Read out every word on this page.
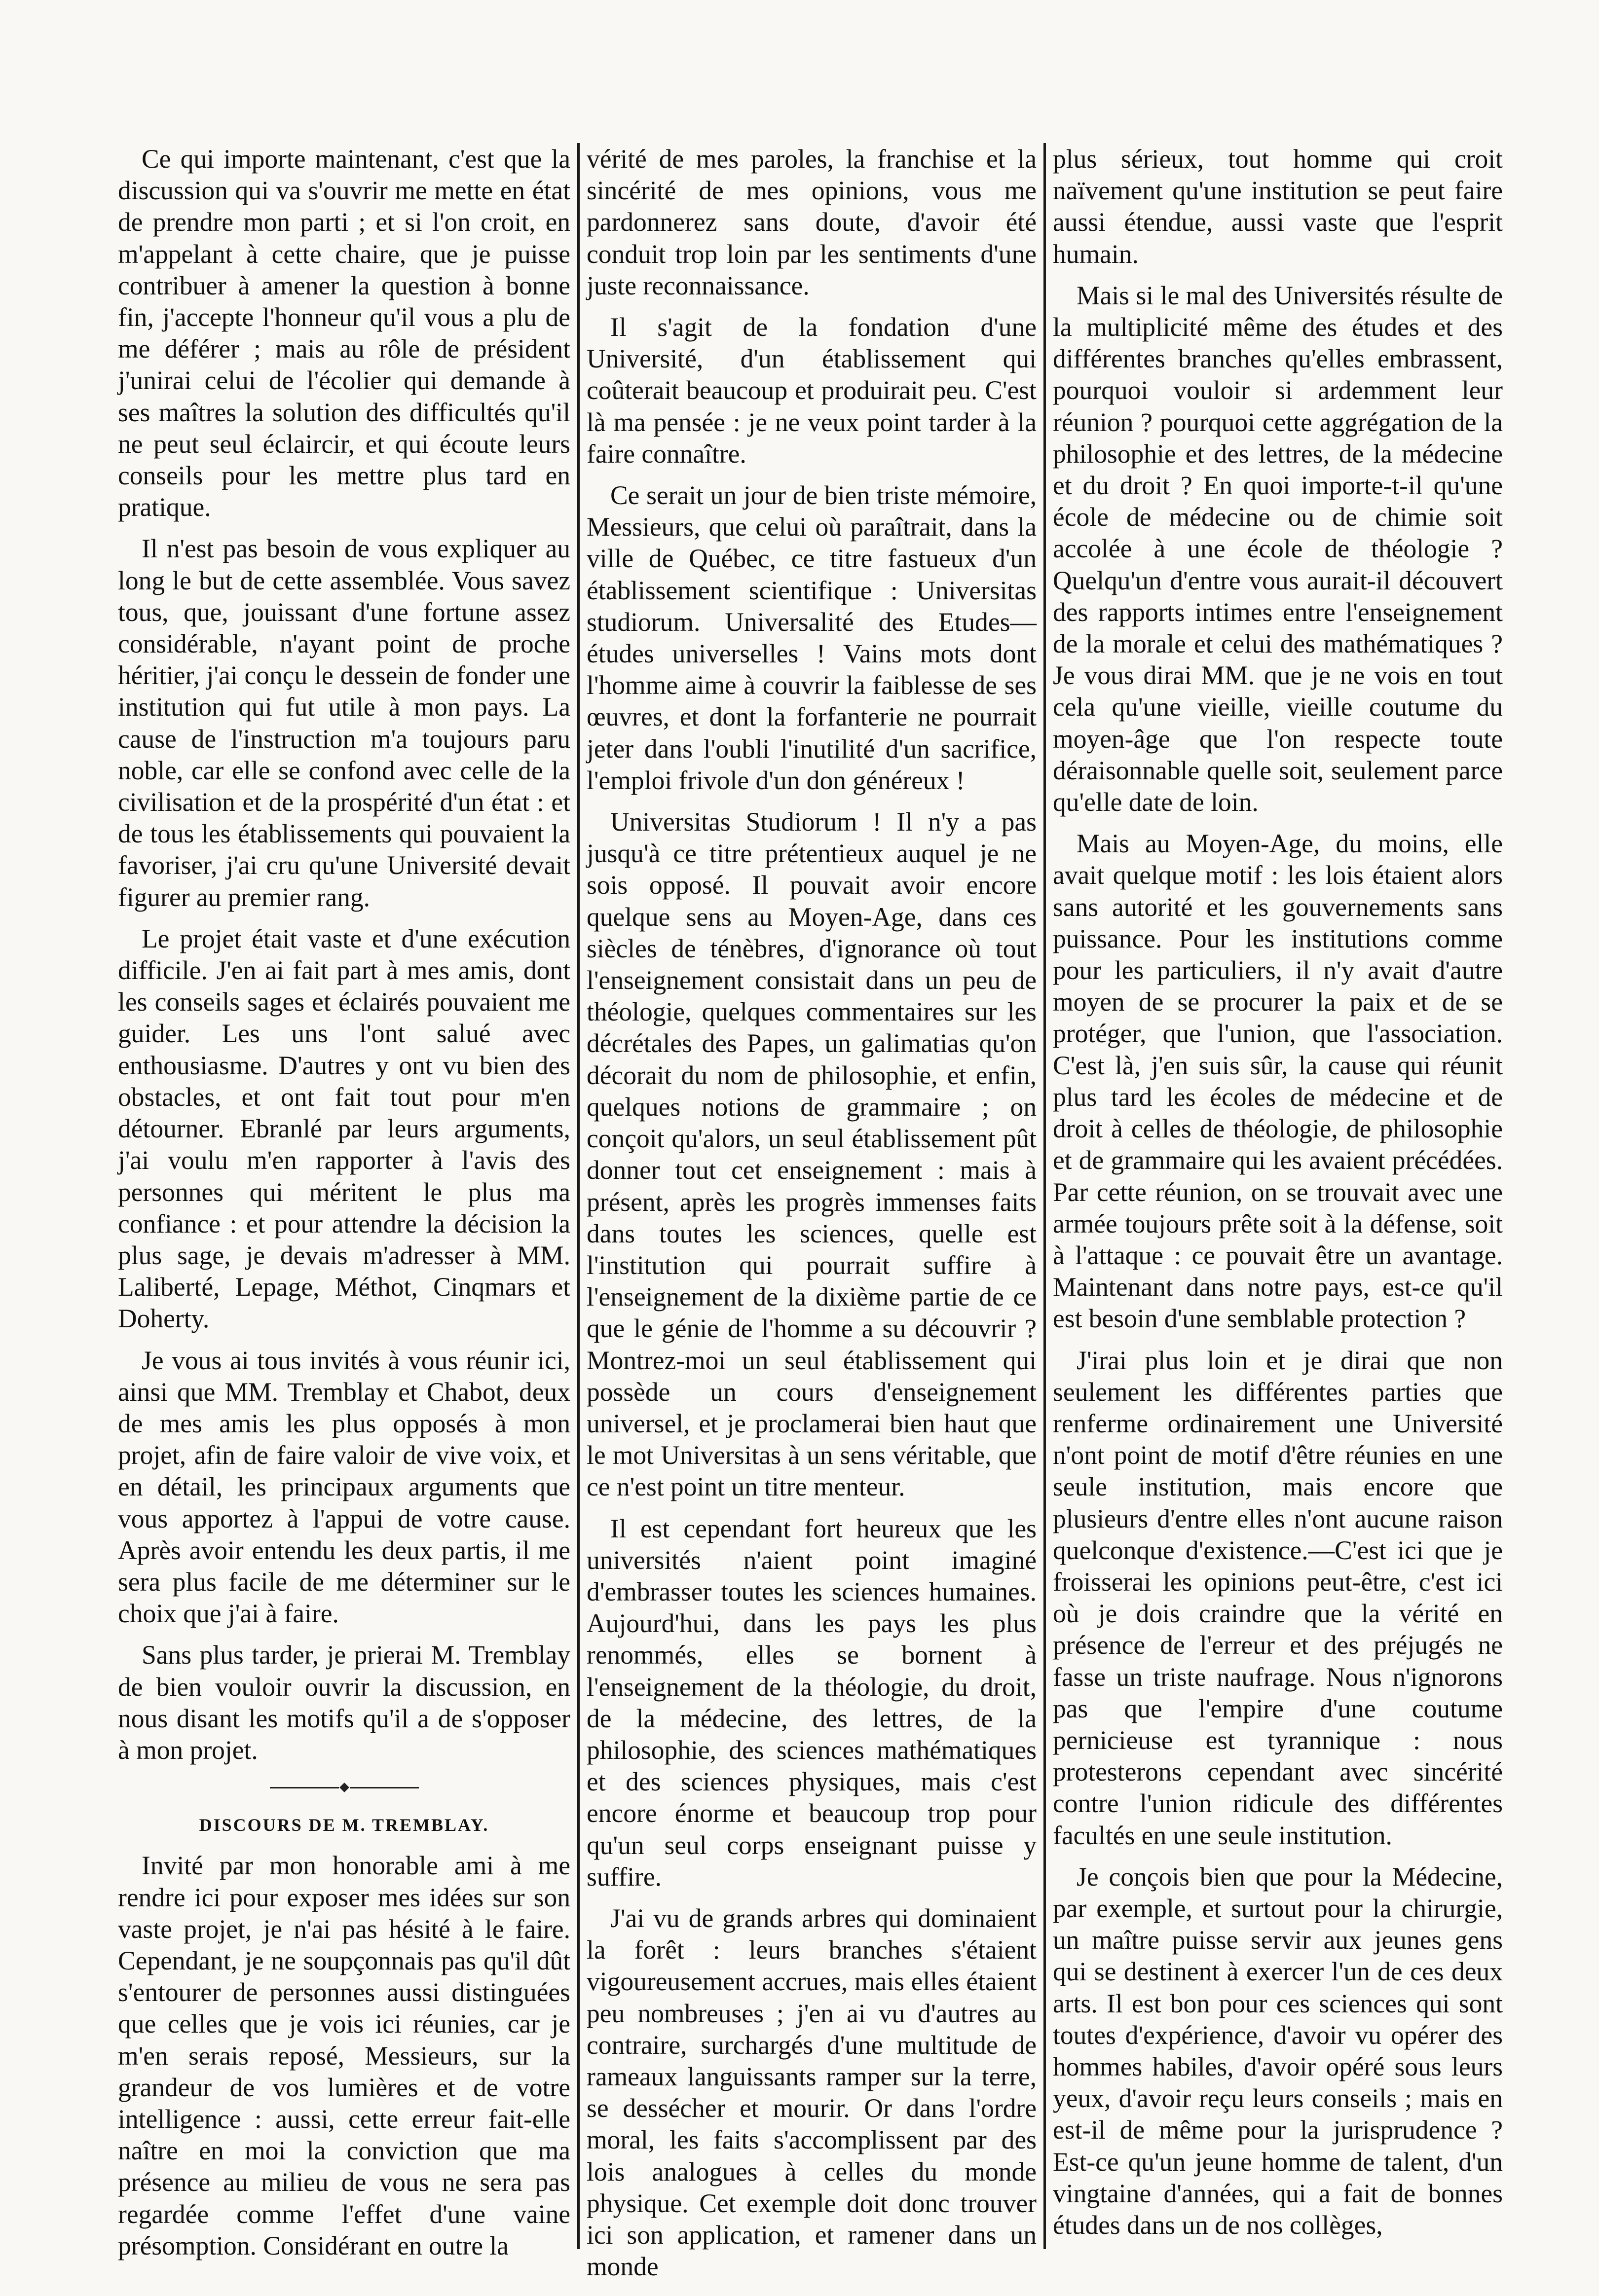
Ce qui importe maintenant, c'est que la discussion qui va s'ouvrir me mette en état de prendre mon parti ; et si l'on croit, en m'appelant à cette chaire, que je puisse contribuer à amener la question à bonne fin, j'accepte l'honneur qu'il vous a plu de me déférer ; mais au rôle de président j'unirai celui de l'écolier qui demande à ses maîtres la solution des difficultés qu'il ne peut seul éclaircir, et qui écoute leurs conseils pour les mettre plus tard en pratique.

Il n'est pas besoin de vous expliquer au long le but de cette assemblée. Vous savez tous, que, jouissant d'une fortune assez considérable, n'ayant point de proche héritier, j'ai conçu le dessein de fonder une institution qui fut utile à mon pays. La cause de l'instruction m'a toujours paru noble, car elle se confond avec celle de la civilisation et de la prospérité d'un état : et de tous les établissements qui pouvaient la favoriser, j'ai cru qu'une Université devait figurer au premier rang.

Le projet était vaste et d'une exécution difficile. J'en ai fait part à mes amis, dont les conseils sages et éclairés pouvaient me guider. Les uns l'ont salué avec enthousiasme. D'autres y ont vu bien des obstacles, et ont fait tout pour m'en détourner. Ebranlé par leurs arguments, j'ai voulu m'en rapporter à l'avis des personnes qui méritent le plus ma confiance : et pour attendre la décision la plus sage, je devais m'adresser à MM. Laliberté, Lepage, Méthot, Cinqmars et Doherty.

Je vous ai tous invités à vous réunir ici, ainsi que MM. Tremblay et Chabot, deux de mes amis les plus opposés à mon projet, afin de faire valoir de vive voix, et en détail, les principaux arguments que vous apportez à l'appui de votre cause. Après avoir entendu les deux partis, il me sera plus facile de me déterminer sur le choix que j'ai à faire.

Sans plus tarder, je prierai M. Tremblay de bien vouloir ouvrir la discussion, en nous disant les motifs qu'il a de s'opposer à mon projet.

DISCOURS DE M. TREMBLAY.

Invité par mon honorable ami à me rendre ici pour exposer mes idées sur son vaste projet, je n'ai pas hésité à le faire. Cependant, je ne soupçonnais pas qu'il dût s'entourer de personnes aussi distinguées que celles que je vois ici réunies, car je m'en serais reposé, Messieurs, sur la grandeur de vos lumières et de votre intelligence : aussi, cette erreur fait-elle naître en moi la conviction que ma présence au milieu de vous ne sera pas regardée comme l'effet d'une vaine présomption. Considérant en outre la

vérité de mes paroles, la franchise et la sincérité de mes opinions, vous me pardonnerez sans doute, d'avoir été conduit trop loin par les sentiments d'une juste reconnaissance.

Il s'agit de la fondation d'une Université, d'un établissement qui coûterait beaucoup et produirait peu. C'est là ma pensée : je ne veux point tarder à la faire connaître.

Ce serait un jour de bien triste mémoire, Messieurs, que celui où paraîtrait, dans la ville de Québec, ce titre fastueux d'un établissement scientifique : Universitas studiorum. Universalité des Etudes— études universelles ! Vains mots dont l'homme aime à couvrir la faiblesse de ses œuvres, et dont la forfanterie ne pourrait jeter dans l'oubli l'inutilité d'un sacrifice, l'emploi frivole d'un don généreux !

Universitas Studiorum ! Il n'y a pas jusqu'à ce titre prétentieux auquel je ne sois opposé. Il pouvait avoir encore quelque sens au Moyen-Age, dans ces siècles de ténèbres, d'ignorance où tout l'enseignement consistait dans un peu de théologie, quelques commentaires sur les décrétales des Papes, un galimatias qu'on décorait du nom de philosophie, et enfin, quelques notions de grammaire ; on conçoit qu'alors, un seul établissement pût donner tout cet enseignement : mais à présent, après les progrès immenses faits dans toutes les sciences, quelle est l'institution qui pourrait suffire à l'enseignement de la dixième partie de ce que le génie de l'homme a su découvrir ? Montrez-moi un seul établissement qui possède un cours d'enseignement universel, et je proclamerai bien haut que le mot Universitas à un sens véritable, que ce n'est point un titre menteur.

Il est cependant fort heureux que les universités n'aient point imaginé d'embrasser toutes les sciences humaines. Aujourd'hui, dans les pays les plus renommés, elles se bornent à l'enseignement de la théologie, du droit, de la médecine, des lettres, de la philosophie, des sciences mathématiques et des sciences physiques, mais c'est encore énorme et beaucoup trop pour qu'un seul corps enseignant puisse y suffire.

J'ai vu de grands arbres qui dominaient la forêt : leurs branches s'étaient vigoureusement accrues, mais elles étaient peu nombreuses ; j'en ai vu d'autres au contraire, surchargés d'une multitude de rameaux languissants ramper sur la terre, se dessécher et mourir. Or dans l'ordre moral, les faits s'accomplissent par des lois analogues à celles du monde physique. Cet exemple doit donc trouver ici son application, et ramener dans un monde

plus sérieux, tout homme qui croit naïvement qu'une institution se peut faire aussi étendue, aussi vaste que l'esprit humain.

Mais si le mal des Universités résulte de la multiplicité même des études et des différentes branches qu'elles embrassent, pourquoi vouloir si ardemment leur réunion ? pourquoi cette aggrégation de la philosophie et des lettres, de la médecine et du droit ? En quoi importe-t-il qu'une école de médecine ou de chimie soit accolée à une école de théologie ? Quelqu'un d'entre vous aurait-il découvert des rapports intimes entre l'enseignement de la morale et celui des mathématiques ? Je vous dirai MM. que je ne vois en tout cela qu'une vieille, vieille coutume du moyen-âge que l'on respecte toute déraisonnable quelle soit, seulement parce qu'elle date de loin.

Mais au Moyen-Age, du moins, elle avait quelque motif : les lois étaient alors sans autorité et les gouvernements sans puissance. Pour les institutions comme pour les particuliers, il n'y avait d'autre moyen de se procurer la paix et de se protéger, que l'union, que l'association. C'est là, j'en suis sûr, la cause qui réunit plus tard les écoles de médecine et de droit à celles de théologie, de philosophie et de grammaire qui les avaient précédées. Par cette réunion, on se trouvait avec une armée toujours prête soit à la défense, soit à l'attaque : ce pouvait être un avantage. Maintenant dans notre pays, est-ce qu'il est besoin d'une semblable protection ?

J'irai plus loin et je dirai que non seulement les différentes parties que renferme ordinairement une Université n'ont point de motif d'être réunies en une seule institution, mais encore que plusieurs d'entre elles n'ont aucune raison quelconque d'existence.—C'est ici que je froisserai les opinions peut-être, c'est ici où je dois craindre que la vérité en présence de l'erreur et des préjugés ne fasse un triste naufrage. Nous n'ignorons pas que l'empire d'une coutume pernicieuse est tyrannique : nous protesterons cependant avec sincérité contre l'union ridicule des différentes facultés en une seule institution.

Je conçois bien que pour la Médecine, par exemple, et surtout pour la chirurgie, un maître puisse servir aux jeunes gens qui se destinent à exercer l'un de ces deux arts. Il est bon pour ces sciences qui sont toutes d'expérience, d'avoir vu opérer des hommes habiles, d'avoir opéré sous leurs yeux, d'avoir reçu leurs conseils ; mais en est-il de même pour la jurisprudence ? Est-ce qu'un jeune homme de talent, d'un vingtaine d'années, qui a fait de bonnes études dans un de nos collèges,
